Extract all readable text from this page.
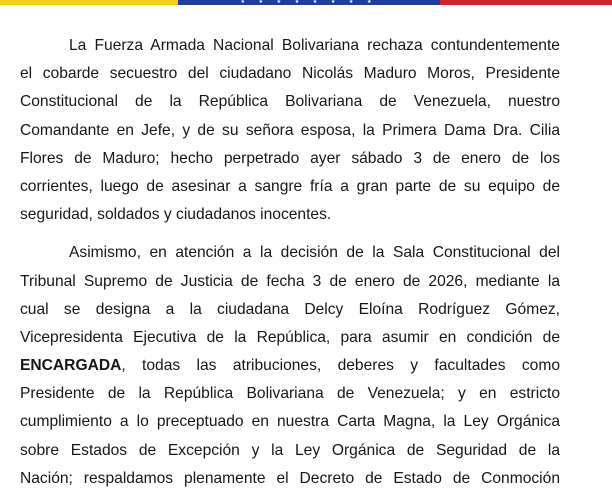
★ ★ ★ ★ ★ ★ ★ ★
La Fuerza Armada Nacional Bolivariana rechaza contundentemente
el cobarde secuestro del ciudadano Nicolás Maduro Moros, Presidente
Constitucional de la República Bolivariana de Venezuela, nuestro
Comandante en Jefe, y de su señora esposa, la Primera Dama Dra. Cilia
Flores de Maduro; hecho perpetrado ayer sábado 3 de enero de los
corrientes, luego de asesinar a sangre fría a gran parte de su equipo de
seguridad, soldados y ciudadanos inocentes.
Asimismo, en atención a la decisión de la Sala Constitucional del
Tribunal Supremo de Justicia de fecha 3 de enero de 2026, mediante la
cual se designa a la ciudadana Delcy Eloína Rodríguez Gómez,
Vicepresidenta Ejecutiva de la República, para asumir en condición de
ENCARGADA, todas las atribuciones, deberes y facultades como
Presidente de la República Bolivariana de Venezuela; y en estricto
cumplimiento a lo preceptuado en nuestra Carta Magna, la Ley Orgánica
sobre Estados de Excepción y la Ley Orgánica de Seguridad de la
Nación; respaldamos plenamente el Decreto de Estado de Conmoción
